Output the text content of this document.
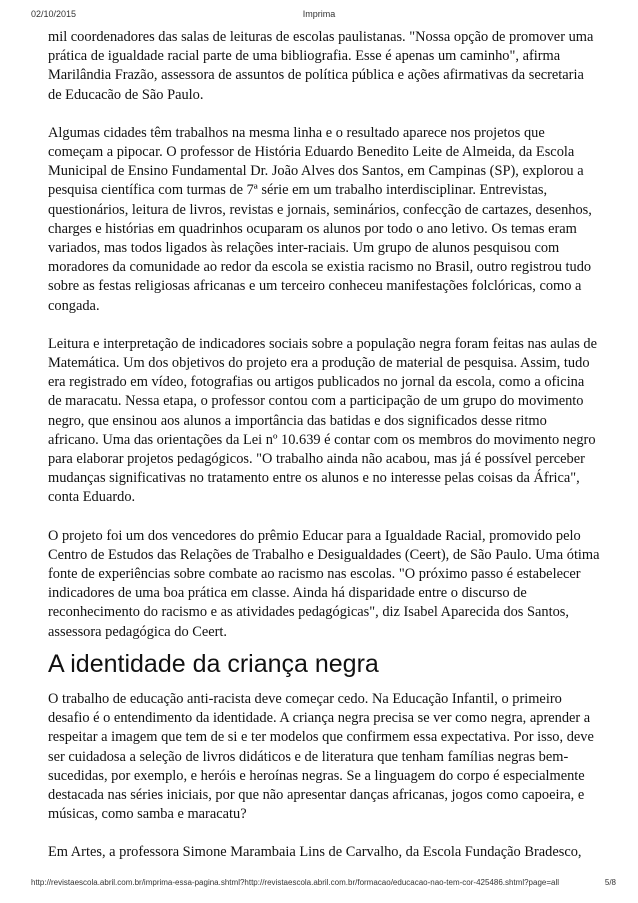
02/10/2015	Imprima

mil coordenadores das salas de leituras de escolas paulistanas. "Nossa opção de promover uma prática de igualdade racial parte de uma bibliografia. Esse é apenas um caminho", afirma Marilândia Frazão, assessora de assuntos de política pública e ações afirmativas da secretaria de Educacão de São Paulo.

Algumas cidades têm trabalhos na mesma linha e o resultado aparece nos projetos que começam a pipocar. O professor de História Eduardo Benedito Leite de Almeida, da Escola Municipal de Ensino Fundamental Dr. João Alves dos Santos, em Campinas (SP), explorou a pesquisa científica com turmas de 7ª série em um trabalho interdisciplinar. Entrevistas, questionários, leitura de livros, revistas e jornais, seminários, confecção de cartazes, desenhos, charges e histórias em quadrinhos ocuparam os alunos por todo o ano letivo. Os temas eram variados, mas todos ligados às relações inter-raciais. Um grupo de alunos pesquisou com moradores da comunidade ao redor da escola se existia racismo no Brasil, outro registrou tudo sobre as festas religiosas africanas e um terceiro conheceu manifestações folclóricas, como a congada.

Leitura e interpretação de indicadores sociais sobre a população negra foram feitas nas aulas de Matemática. Um dos objetivos do projeto era a produção de material de pesquisa. Assim, tudo era registrado em vídeo, fotografias ou artigos publicados no jornal da escola, como a oficina de maracatu. Nessa etapa, o professor contou com a participação de um grupo do movimento negro, que ensinou aos alunos a importância das batidas e dos significados desse ritmo africano. Uma das orientações da Lei nº 10.639 é contar com os membros do movimento negro para elaborar projetos pedagógicos. "O trabalho ainda não acabou, mas já é possível perceber mudanças significativas no tratamento entre os alunos e no interesse pelas coisas da África", conta Eduardo.

O projeto foi um dos vencedores do prêmio Educar para a Igualdade Racial, promovido pelo Centro de Estudos das Relações de Trabalho e Desigualdades (Ceert), de São Paulo. Uma ótima fonte de experiências sobre combate ao racismo nas escolas. "O próximo passo é estabelecer indicadores de uma boa prática em classe. Ainda há disparidade entre o discurso de reconhecimento do racismo e as atividades pedagógicas", diz Isabel Aparecida dos Santos, assessora pedagógica do Ceert.

A identidade da criança negra

O trabalho de educação anti-racista deve começar cedo. Na Educação Infantil, o primeiro desafio é o entendimento da identidade. A criança negra precisa se ver como negra, aprender a respeitar a imagem que tem de si e ter modelos que confirmem essa expectativa. Por isso, deve ser cuidadosa a seleção de livros didáticos e de literatura que tenham famílias negras bem-sucedidas, por exemplo, e heróis e heroínas negras. Se a linguagem do corpo é especialmente destacada nas séries iniciais, por que não apresentar danças africanas, jogos como capoeira, e músicas, como samba e maracatu?

Em Artes, a professora Simone Marambaia Lins de Carvalho, da Escola Fundação Bradesco,

http://revistaescola.abril.com.br/imprima-essa-pagina.shtml?http://revistaescola.abril.com.br/formacao/educacao-nao-tem-cor-425486.shtml?page=all	5/8
